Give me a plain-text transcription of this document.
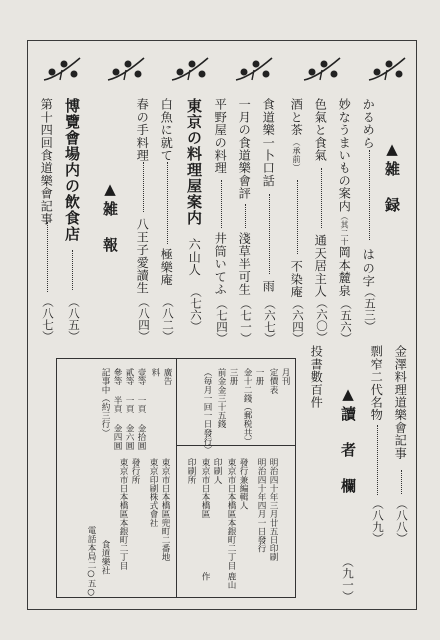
▲雑　録
かるめら
は
の字
（五三）
妙なうまいもの案内
（其二十）
岡本麓泉
（五六）
色氣と食氣
通天居主人
（六〇）
酒と茶
（承前）
不染庵
（六四）
食道樂一卜口話
雨
（六七）
一月の食道樂會評
淺草半可生
（七一）
平野屋の料理
井筒いてふ
（七四）
東京の料理屋案内
六山人
（七六）
白魚に就て
極樂庵
（八二）
春の手料理
八王子愛讀生
（八四）
▲雑　報
博覽會場内の飲食店
（八五）
第十四回食道樂會記事
（八七）
金澤料理道樂會記事
（八八）
剽窄二代名物
（八九）
▲讀　者　欄
（九一）
投書數百件
月刊
定價表
一册
金十二錢（郵税共）
三册
前金金三十五錢
（毎月一回一日發行）
廣告
料
壹等
一頁
金拾圓
貳等
一頁
金六圓
參等
半頁
金四圓
記事中（約三行）
明治四十年三月廿五日印刷
明治四十年四月一日發行
發行兼編輯人
東京市日本橋區本銀町二丁目
鹿山
印刷人
東京市日本橋區
作
印刷所
東京市日本橋區兜町二番地
東京印刷株式會社
發行所
東京市日本橋區本銀町二丁目
食道樂社
電話本局二○五○
